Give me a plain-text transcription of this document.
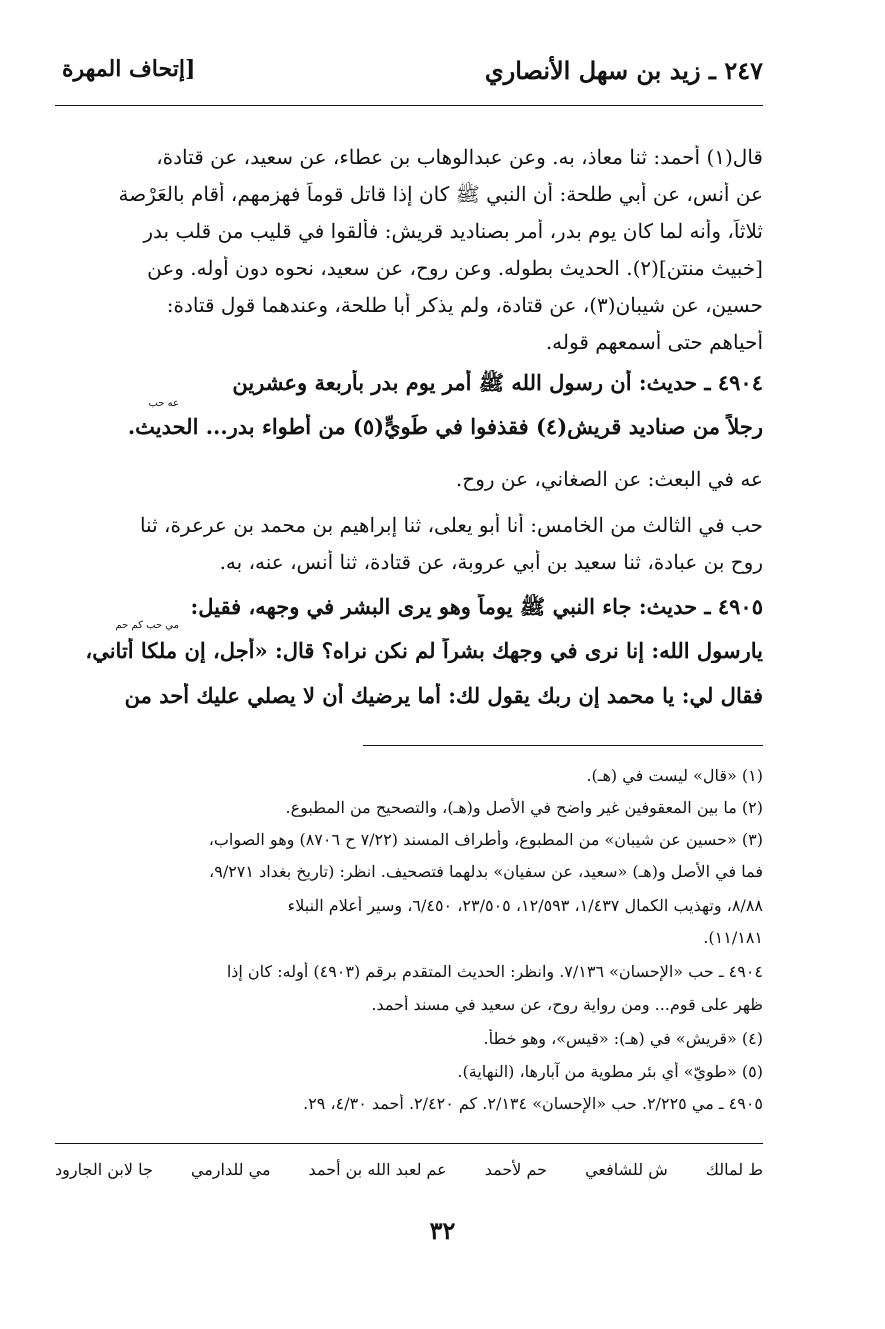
٢٤٧ ـ زيد بن سهل الأنصاري
[إتحاف المهرة
قال(١) أحمد: ثنا معاذ، به. وعن عبدالوهاب بن عطاء، عن سعيد، عن قتادة،
عن أنس، عن أبي طلحة: أن النبي ﷺ كان إذا قاتل قوماً فهزمهم، أقام بالعَرْصة
ثلاثاً، وأنه لما كان يوم بدر، أمر بصناديد قريش: فألقوا في قليب من قلب بدر
[خبيث منتن](٢). الحديث بطوله. وعن روح، عن سعيد، نحوه دون أوله. وعن
حسين، عن شيبان(٣)، عن قتادة، ولم يذكر أبا طلحة، وعندهما قول قتادة:
أحياهم حتى أسمعهم قوله.
٤٩٠٤ ـ حديث: أن رسول الله ﷺ أمر يوم بدر بأربعة وعشرين
عه حب
رجلاً من صناديد قريش(٤) فقذفوا في طَوِيٍّ(٥) من أطواء بدر... الحديث.
عه في البعث: عن الصغاني، عن روح.
حب في الثالث من الخامس: أنا أبو يعلى، ثنا إبراهيم بن محمد بن عرعرة، ثنا
روح بن عبادة، ثنا سعيد بن أبي عروبة، عن قتادة، ثنا أنس، عنه، به.
٤٩٠٥ ـ حديث: جاء النبي ﷺ يوماً وهو يرى البشر في وجهه، فقيل:
مي حب كم حم
يارسول الله: إنا نرى في وجهك بشراً لم نكن نراه؟ قال: «أجل، إن ملكا أتاني،
فقال لي: يا محمد إن ربك يقول لك: أما يرضيك أن لا يصلي عليك أحد من
(١) «قال» ليست في (هـ).
(٢) ما بين المعقوفين غير واضح في الأصل و(هـ)، والتصحيح من المطبوع.
(٣) «حسين عن شيبان» من المطبوع، وأطراف المسند (٧/٢٢ ح ٨٧٠٦) وهو الصواب،
فما في الأصل و(هـ) «سعيد، عن سفيان» بدلهما فتصحيف. انظر: (تاريخ بغداد ٩/٢٧١،
٨/٨٨، وتهذيب الكمال ١/٤٣٧، ١٢/٥٩٣، ٢٣/٥٠٥، ٦/٤٥٠، وسير أعلام النبلاء
١١/١٨١).
٤٩٠٤ ـ حب «الإحسان» ٧/١٣٦. وانظر: الحديث المتقدم برقم (٤٩٠٣) أوله: كان إذا
ظهر على قوم... ومن رواية روح، عن سعيد في مسند أحمد.
(٤) «قريش» في (هـ): «قيس»، وهو خطأ.
(٥) «طويّ» أي بئر مطوية من آبارها، (النهاية).
٤٩٠٥ ـ مي ٢/٢٢٥. حب «الإحسان» ٢/١٣٤. كم ٢/٤٢٠. أحمد ٤/٣٠، ٢٩.
ط لمالك
ش للشافعي
حم لأحمد
عم لعبد الله بن أحمد
مي للدارمي
جا لابن الجارود
٣٢
